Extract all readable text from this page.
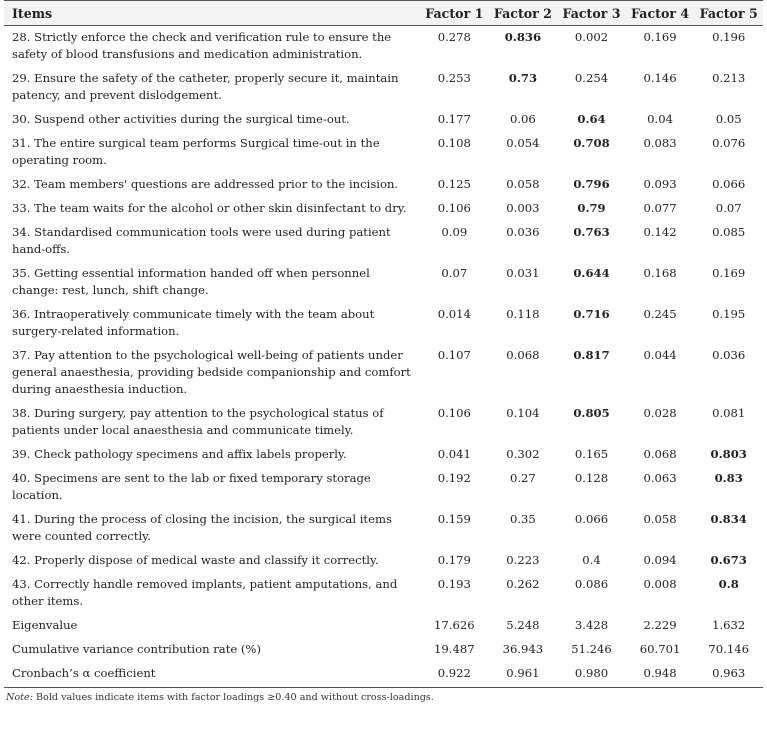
Items	Factor 1	Factor 2	Factor 3	Factor 4	Factor 5
28. Strictly enforce the check and verification rule to ensure the safety of blood transfusions and medication administration.	0.278	0.836	0.002	0.169	0.196
29. Ensure the safety of the catheter, properly secure it, maintain patency, and prevent dislodgement.	0.253	0.73	0.254	0.146	0.213
30. Suspend other activities during the surgical time-out.	0.177	0.06	0.64	0.04	0.05
31. The entire surgical team performs Surgical time-out in the operating room.	0.108	0.054	0.708	0.083	0.076
32. Team members' questions are addressed prior to the incision.	0.125	0.058	0.796	0.093	0.066
33. The team waits for the alcohol or other skin disinfectant to dry.	0.106	0.003	0.79	0.077	0.07
34. Standardised communication tools were used during patient hand-offs.	0.09	0.036	0.763	0.142	0.085
35. Getting essential information handed off when personnel change: rest, lunch, shift change.	0.07	0.031	0.644	0.168	0.169
36. Intraoperatively communicate timely with the team about surgery-related information.	0.014	0.118	0.716	0.245	0.195
37. Pay attention to the psychological well-being of patients under general anaesthesia, providing bedside companionship and comfort during anaesthesia induction.	0.107	0.068	0.817	0.044	0.036
38. During surgery, pay attention to the psychological status of patients under local anaesthesia and communicate timely.	0.106	0.104	0.805	0.028	0.081
39. Check pathology specimens and affix labels properly.	0.041	0.302	0.165	0.068	0.803
40. Specimens are sent to the lab or fixed temporary storage location.	0.192	0.27	0.128	0.063	0.83
41. During the process of closing the incision, the surgical items were counted correctly.	0.159	0.35	0.066	0.058	0.834
42. Properly dispose of medical waste and classify it correctly.	0.179	0.223	0.4	0.094	0.673
43. Correctly handle removed implants, patient amputations, and other items.	0.193	0.262	0.086	0.008	0.8
Eigenvalue	17.626	5.248	3.428	2.229	1.632
Cumulative variance contribution rate (%)	19.487	36.943	51.246	60.701	70.146
Cronbach’s α coefficient	0.922	0.961	0.980	0.948	0.963
Note: Bold values indicate items with factor loadings ≥0.40 and without cross-loadings.
